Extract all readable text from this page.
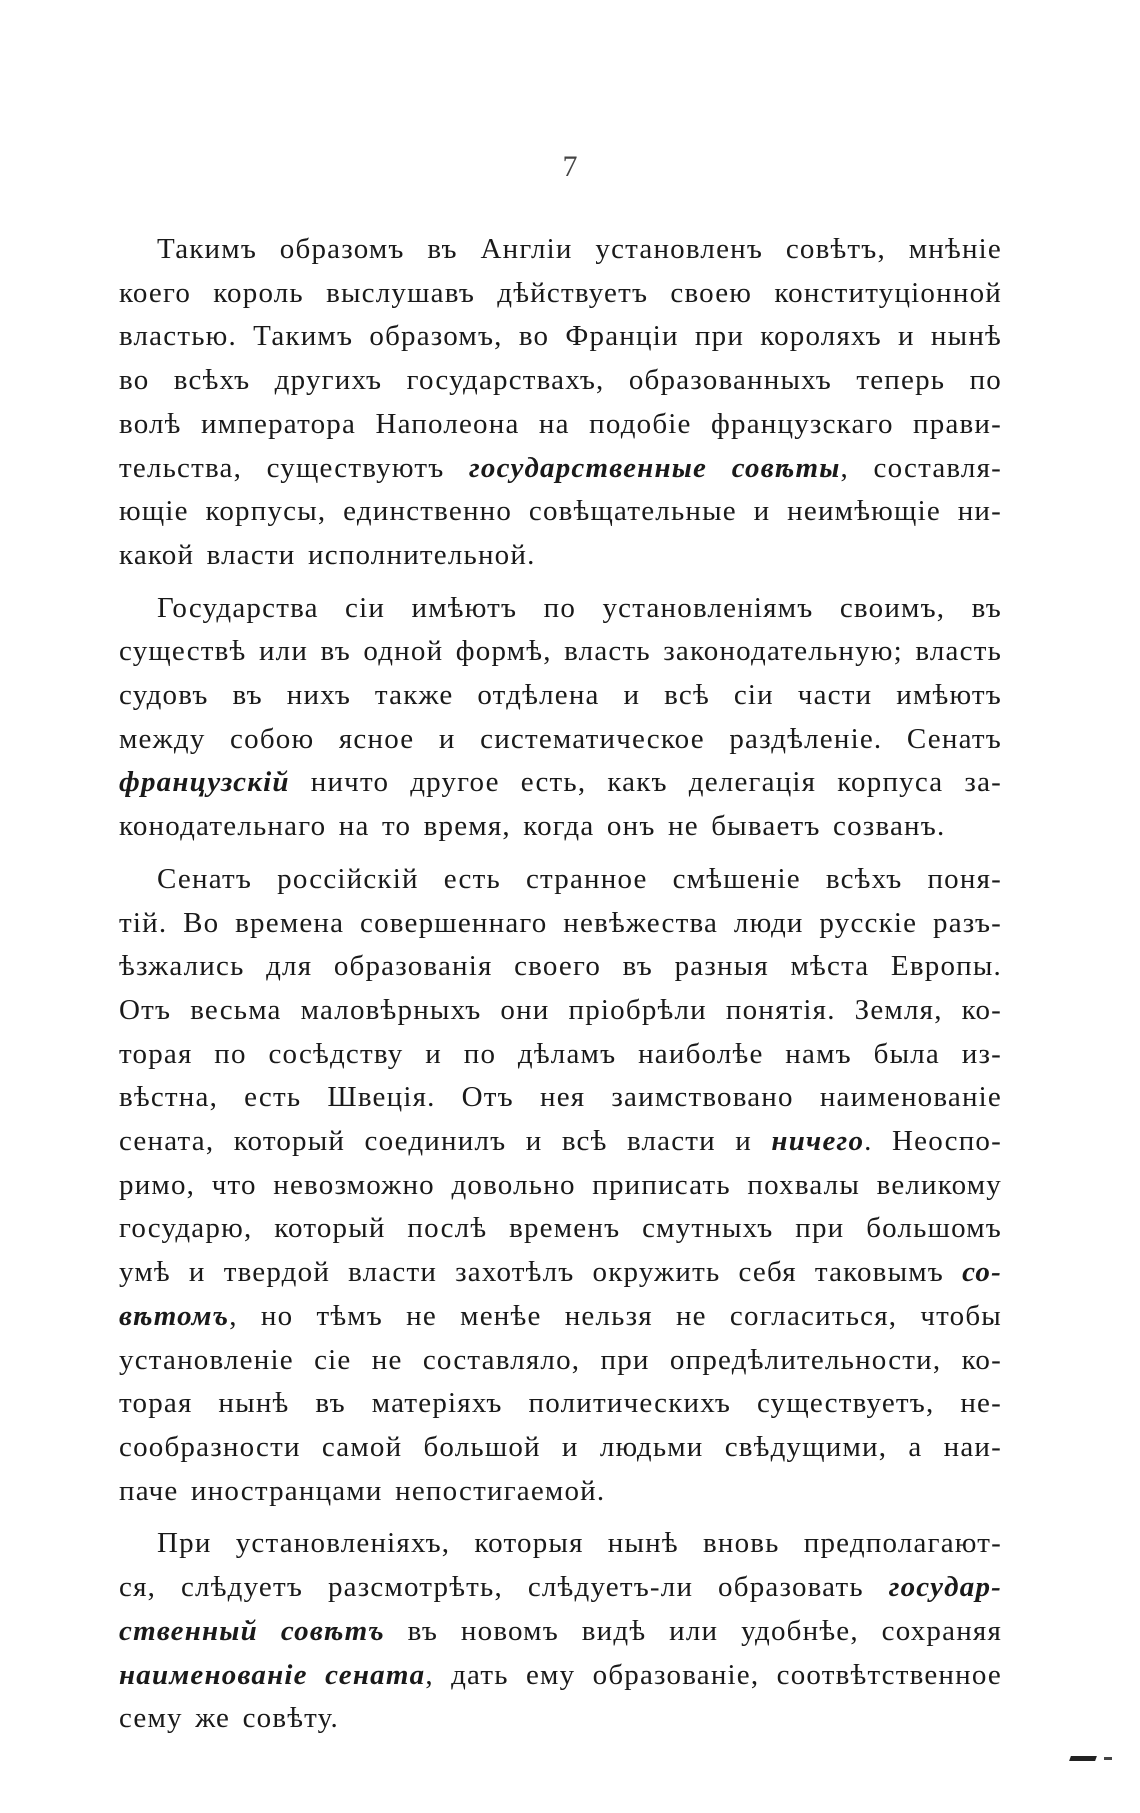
7
Такимъ образомъ въ Англіи установленъ совѣтъ, мнѣніе
коего король выслушавъ дѣйствуетъ своею конституціонной
властью. Такимъ образомъ, во Франціи при короляхъ и нынѣ
во всѣхъ другихъ государствахъ, образованныхъ теперь по
волѣ императора Наполеона на подобіе французскаго прави-
тельства, существуютъ государственные совѣты, составля-
ющіе корпусы, единственно совѣщательные и неимѣющіе ни-
какой власти исполнительной.
Государства сіи имѣютъ по установленіямъ своимъ, въ
существѣ или въ одной формѣ, власть законодательную; власть
судовъ въ нихъ также отдѣлена и всѣ сіи части имѣютъ
между собою ясное и систематическое раздѣленіе. Сенатъ
французскій ничто другое есть, какъ делегація корпуса за-
конодательнаго на то время, когда онъ не бываетъ созванъ.
Сенатъ россійскій есть странное смѣшеніе всѣхъ поня-
тій. Во времена совершеннаго невѣжества люди русскіе разъ-
ѣзжались для образованія своего въ разныя мѣста Европы.
Отъ весьма маловѣрныхъ они пріобрѣли понятія. Земля, ко-
торая по сосѣдству и по дѣламъ наиболѣе намъ была из-
вѣстна, есть Швеція. Отъ нея заимствовано наименованіе
сената, который соединилъ и всѣ власти и ничего. Неоспо-
римо, что невозможно довольно приписать похвалы великому
государю, который послѣ временъ смутныхъ при большомъ
умѣ и твердой власти захотѣлъ окружить себя таковымъ со-
вѣтомъ, но тѣмъ не менѣе нельзя не согласиться, чтобы
установленіе сіе не составляло, при опредѣлительности, ко-
торая нынѣ въ матеріяхъ политическихъ существуетъ, не-
сообразности самой большой и людьми свѣдущими, а наи-
паче иностранцами непостигаемой.
При установленіяхъ, которыя нынѣ вновь предполагают-
ся, слѣдуетъ разсмотрѣть, слѣдуетъ-ли образовать государ-
ственный совѣтъ въ новомъ видѣ или удобнѣе, сохраняя
наименованіе сената, дать ему образованіе, соотвѣтственное
сему же совѣту.
